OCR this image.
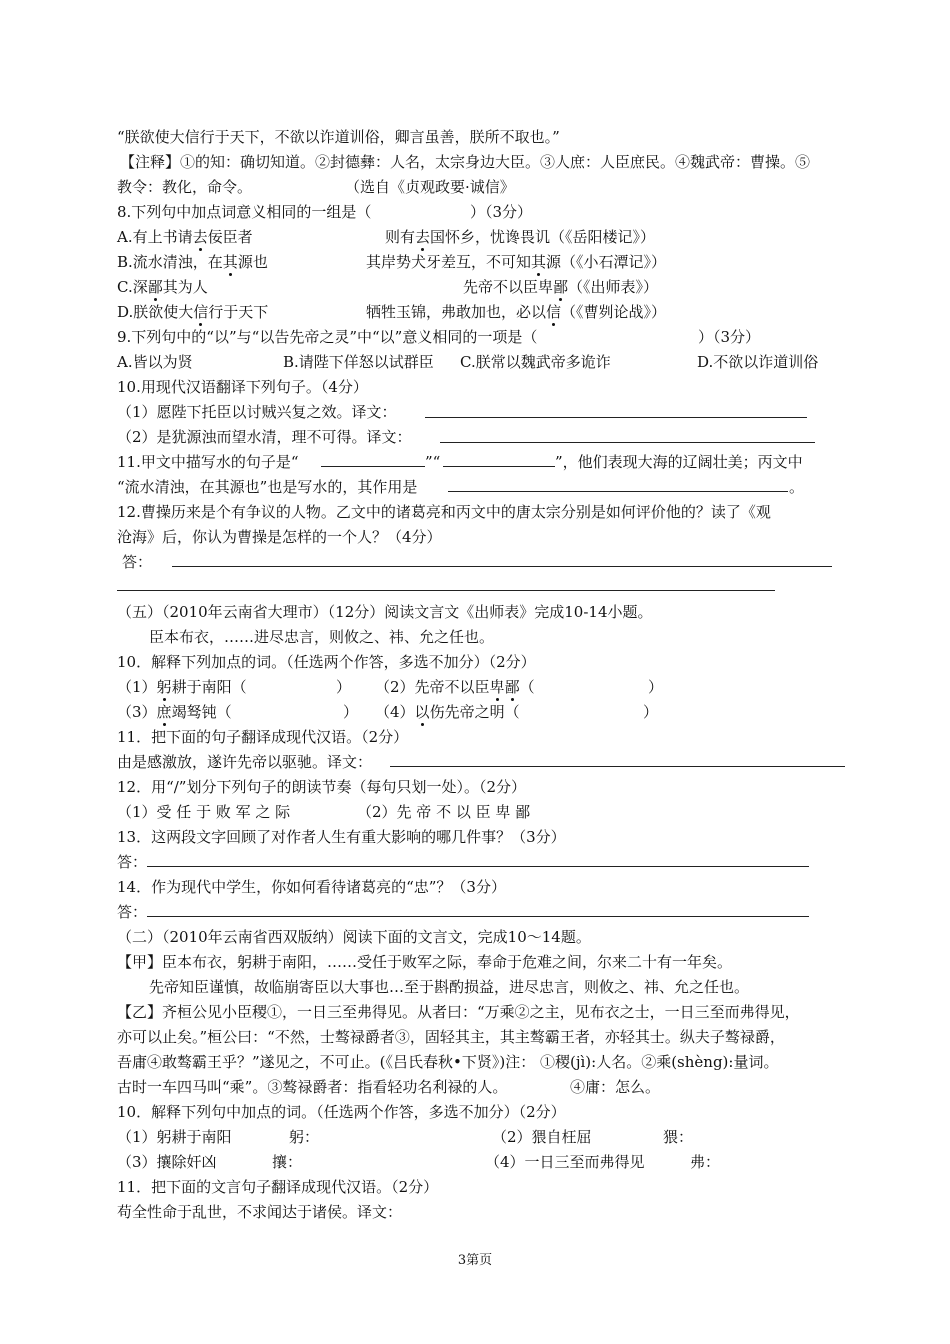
“朕欲使大信行于天下，不欲以诈道训俗，卿言虽善，朕所不取也。”
【注释】①的知：确切知道。②封德彝：人名，太宗身边大臣。③人庶：人臣庶民。④魏武帝：曹操。⑤
教令：教化，命令。	（选自《贞观政要·诚信》
8.下列句中加点词意义相同的一组是（	）（3分）
A.有上书请去佞臣者	则有去国怀乡，忧谗畏讥（《岳阳楼记》）
B.流水清浊，在其源也	其岸势犬牙差互，不可知其源（《小石潭记》）
C.深鄙其为人	先帝不以臣卑鄙（《出师表》）
D.朕欲使大信行于天下	牺牲玉锦，弗敢加也，必以信（《曹刿论战》）
9.下列句中的“以”与“以告先帝之灵”中“以”意义相同的一项是（	）（3分）
A.皆以为贤	B.请陛下佯怒以试群臣 C.朕常以魏武帝多诡诈	D.不欲以诈道训俗
10.用现代汉语翻译下列句子。（4分）
（1）愿陛下托臣以讨贼兴复之效。译文：
（2）是犹源浊而望水清，理不可得。译文：
11.甲文中描写水的句子是“	”“	”，他们表现大海的辽阔壮美；丙文中
“流水清浊，在其源也”也是写水的，其作用是	。
12.曹操历来是个有争议的人物。乙文中的诸葛亮和丙文中的唐太宗分别是如何评价他的？读了《观
沧海》后，你认为曹操是怎样的一个人？（4分）
答：
（五）（2010年云南省大理市）（12分）阅读文言文《出师表》完成10-14小题。
臣本布衣，……进尽忠言，则攸之、祎、允之任也。
10．解释下列加点的词。（任选两个作答，多选不加分）（2分）
（1）躬耕于南阳（	） （2）先帝不以臣卑鄙（	）
（3）庶竭驽钝（	） （4）以伤先帝之明（	）
11．把下面的句子翻译成现代汉语。（2分）
由是感激放，遂许先帝以驱驰。译文：
12．用“/”划分下列句子的朗读节奏（每句只划一处）。（2分）
（1）受 任 于 败 军 之 际	（2）先 帝 不 以 臣 卑 鄙
13．这两段文字回顾了对作者人生有重大影响的哪几件事？（3分）
答：
14．作为现代中学生，你如何看待诸葛亮的“忠”？（3分）
答：
（二）（2010年云南省西双版纳）阅读下面的文言文，完成10～14题。
【甲】臣本布衣，躬耕于南阳，……受任于败军之际，奉命于危难之间，尔来二十有一年矣。
先帝知臣谨慎，故临崩寄臣以大事也…至于斟酌损益，进尽忠言，则攸之、祎、允之任也。
【乙】齐桓公见小臣稷①，一日三至弗得见。从者曰：“万乘②之主，见布衣之士，一日三至而弗得见，
亦可以止矣。”桓公曰：“不然，士骜禄爵者③，固轻其主，其主骜霸王者，亦轻其士。纵夫子骜禄爵，
吾庸④敢骜霸王乎？”遂见之，不可止。(《吕氏春秋•下贤》)注： ①稷(jì):人名。②乘(shèng):量词。
古时一车四马叫“乘”。③骜禄爵者：指看轻功名利禄的人。	④庸：怎么。
10．解释下列句中加点的词。（任选两个作答，多选不加分）（2分）
（1）躬耕于南阳	躬：	（2）猥自枉屈	猥：
（3）攘除奸凶	攘：	（4）一日三至而弗得见	弗：
11．把下面的文言句子翻译成现代汉语。（2分）
苟全性命于乱世，不求闻达于诸侯。译文：
3第页
